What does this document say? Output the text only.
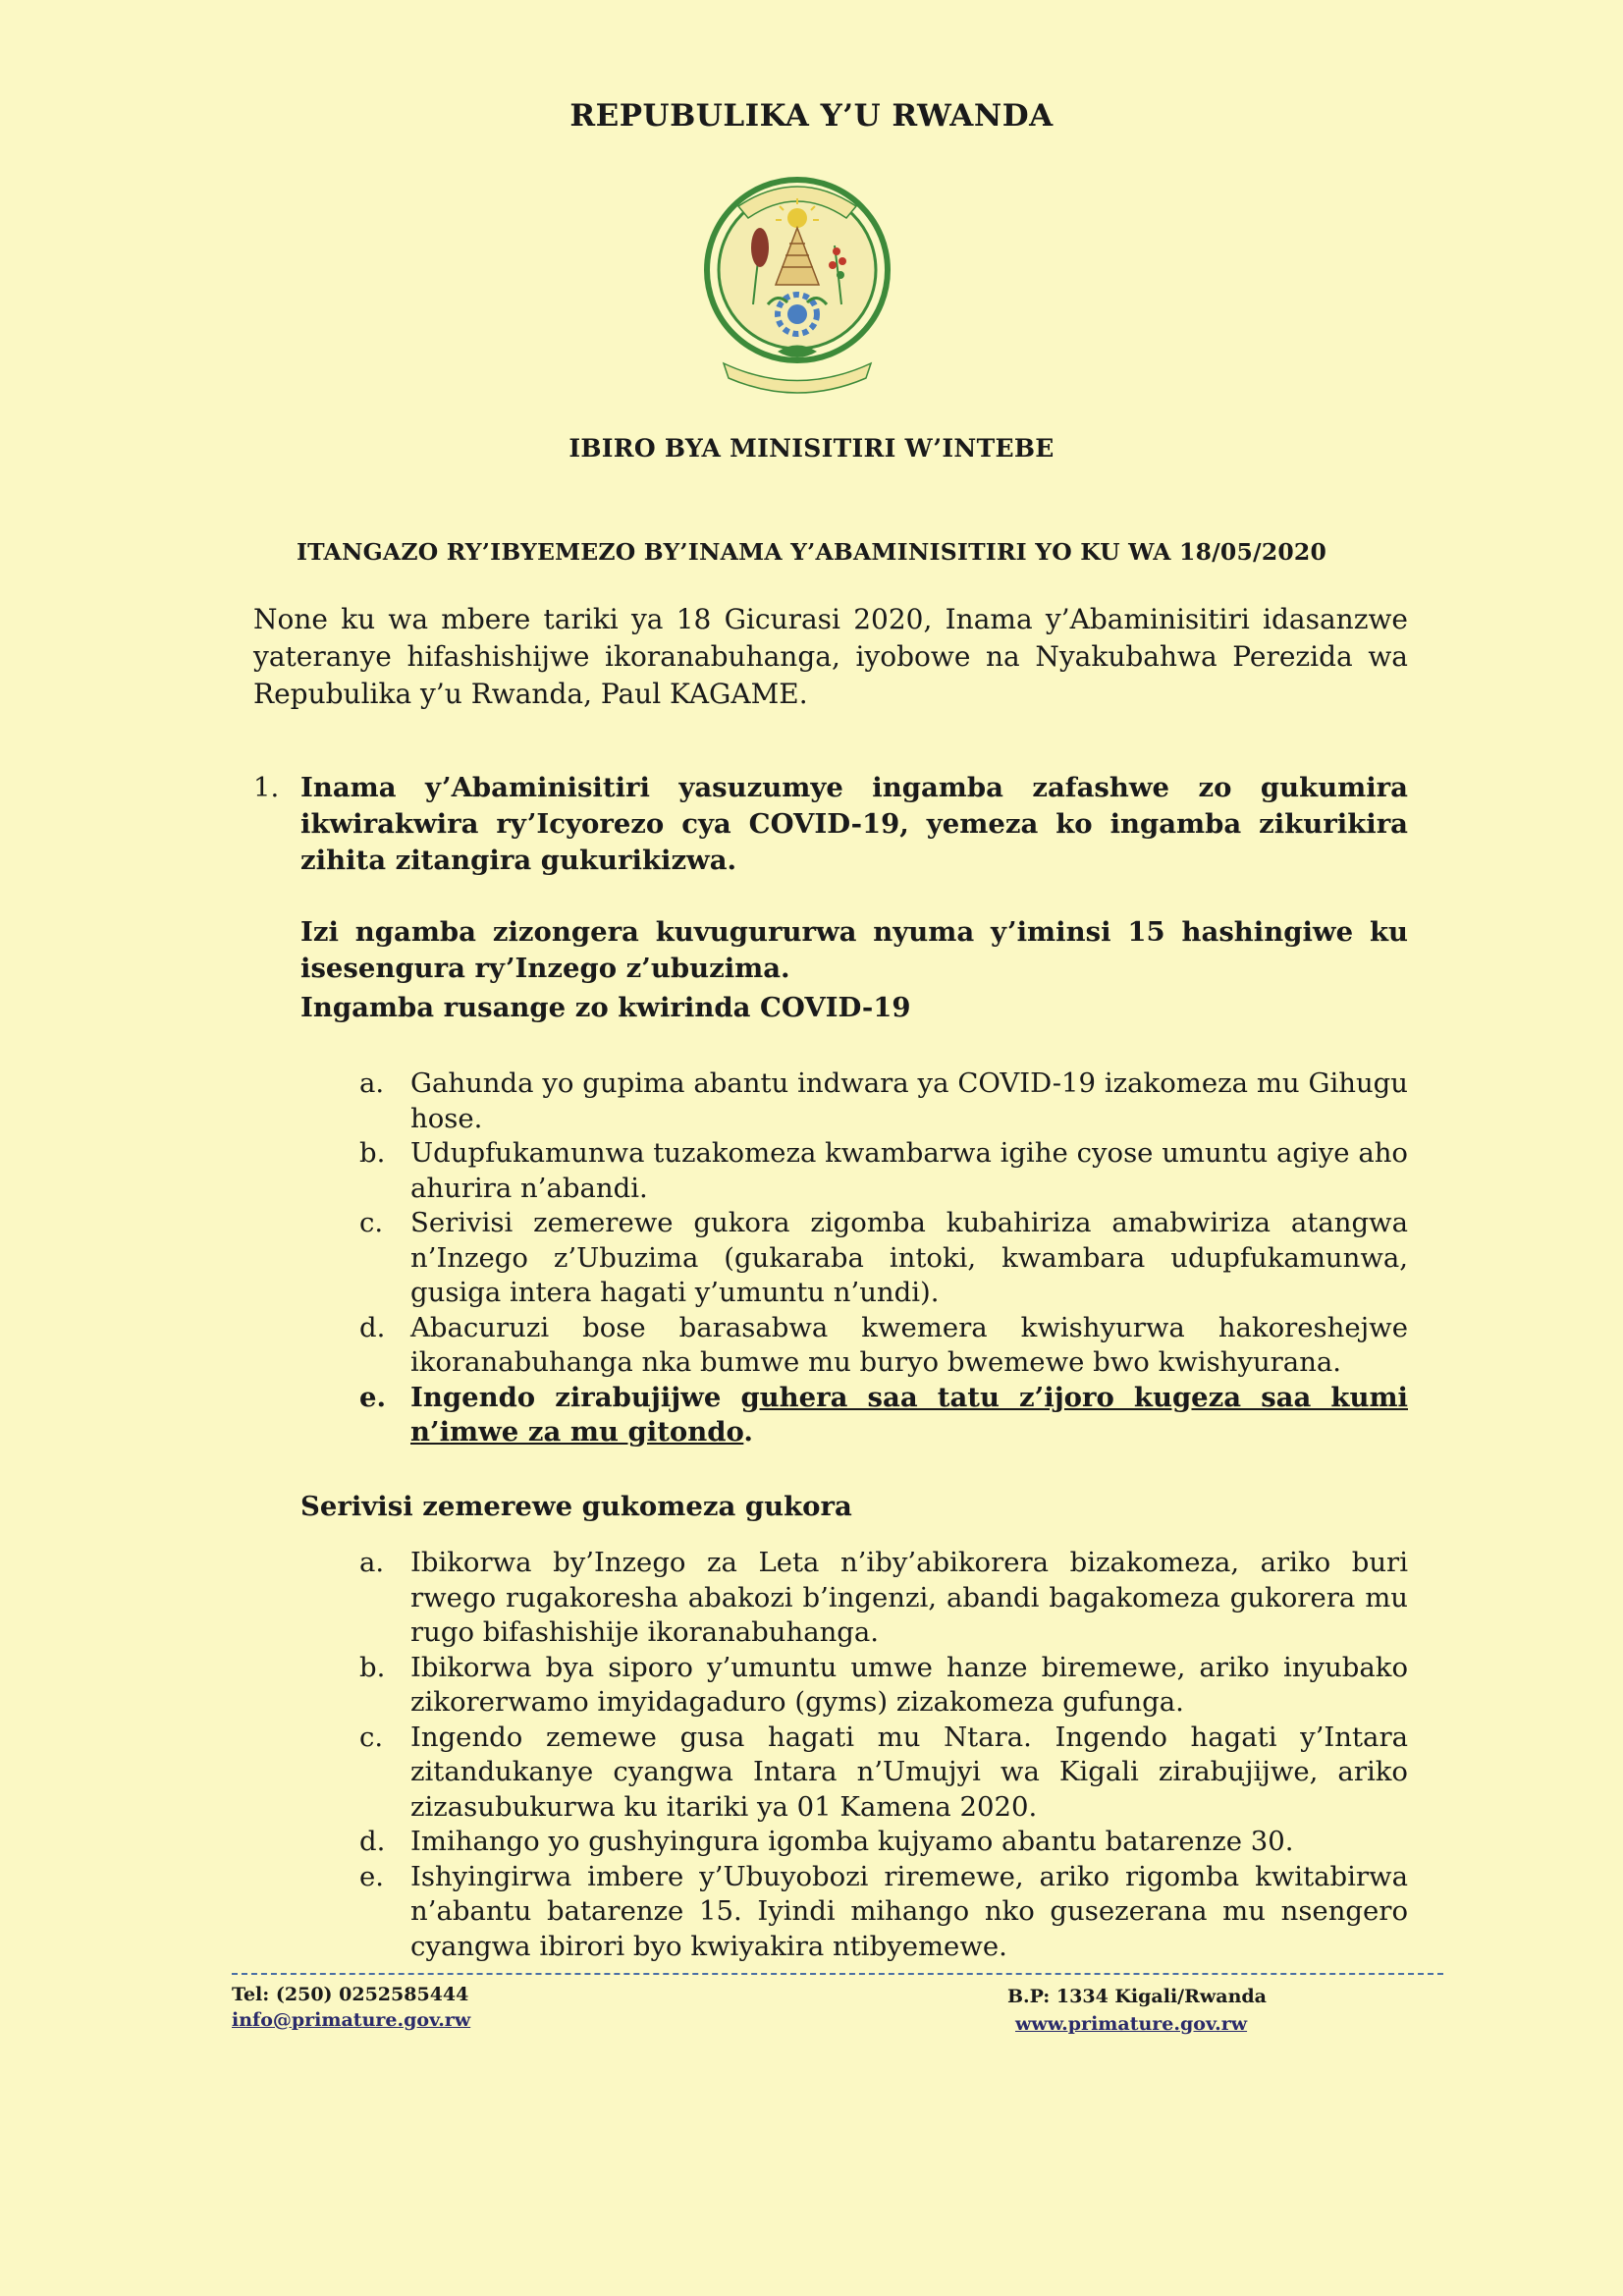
REPUBULIKA Y’U RWANDA
IBIRO BYA MINISITIRI W’INTEBE
ITANGAZO RY’IBYEMEZO BY’INAMA Y’ABAMINISITIRI YO KU WA 18/05/2020
None ku wa mbere tariki ya 18 Gicurasi 2020, Inama y’Abaminisitiri idasanzwe yateranye hifashishijwe ikoranabuhanga, iyobowe na Nyakubahwa Perezida wa Repubulika y’u Rwanda, Paul KAGAME.
1. Inama y’Abaminisitiri yasuzumye ingamba zafashwe zo gukumira ikwirakwira ry’Icyorezo cya COVID-19, yemeza ko ingamba zikurikira zihita zitangira gukurikizwa.
Izi ngamba zizongera kuvugururwa nyuma y’iminsi 15 hashingiwe ku isesengura ry’Inzego z’ubuzima.
Ingamba rusange zo kwirinda COVID-19
a. Gahunda yo gupima abantu indwara ya COVID-19 izakomeza mu Gihugu hose.
b. Udupfukamunwa tuzakomeza kwambarwa igihe cyose umuntu agiye aho ahurira n’abandi.
c. Serivisi zemerewe gukora zigomba kubahiriza amabwiriza atangwa n’Inzego z’Ubuzima (gukaraba intoki, kwambara udupfukamunwa, gusiga intera hagati y’umuntu n’undi).
d. Abacuruzi bose barasabwa kwemera kwishyurwa hakoreshejwe ikoranabuhanga nka bumwe mu buryo bwemewe bwo kwishyurana.
e. Ingendo zirabujijwe guhera saa tatu z’ijoro kugeza saa kumi n’imwe za mu gitondo.
Serivisi zemerewe gukomeza gukora
a. Ibikorwa by’Inzego za Leta n’iby’abikorera bizakomeza, ariko buri rwego rugakoresha abakozi b’ingenzi, abandi bagakomeza gukorera mu rugo bifashishije ikoranabuhanga.
b. Ibikorwa bya siporo y’umuntu umwe hanze biremewe, ariko inyubako zikorerwamo imyidagaduro (gyms) zizakomeza gufunga.
c. Ingendo zemewe gusa hagati mu Ntara. Ingendo hagati y’Intara zitandukanye cyangwa Intara n’Umujyi wa Kigali zirabujijwe, ariko zizasubukurwa ku itariki ya 01 Kamena 2020.
d. Imihango yo gushyingura igomba kujyamo abantu batarenze 30.
e. Ishyingirwa imbere y’Ubuyobozi riremewe, ariko rigomba kwitabirwa n’abantu batarenze 15. Iyindi mihango nko gusezerana mu nsengero cyangwa ibirori byo kwiyakira ntibyemewe.
Tel: (250) 0252585444
info@primature.gov.rw
B.P: 1334 Kigali/Rwanda
www.primature.gov.rw
